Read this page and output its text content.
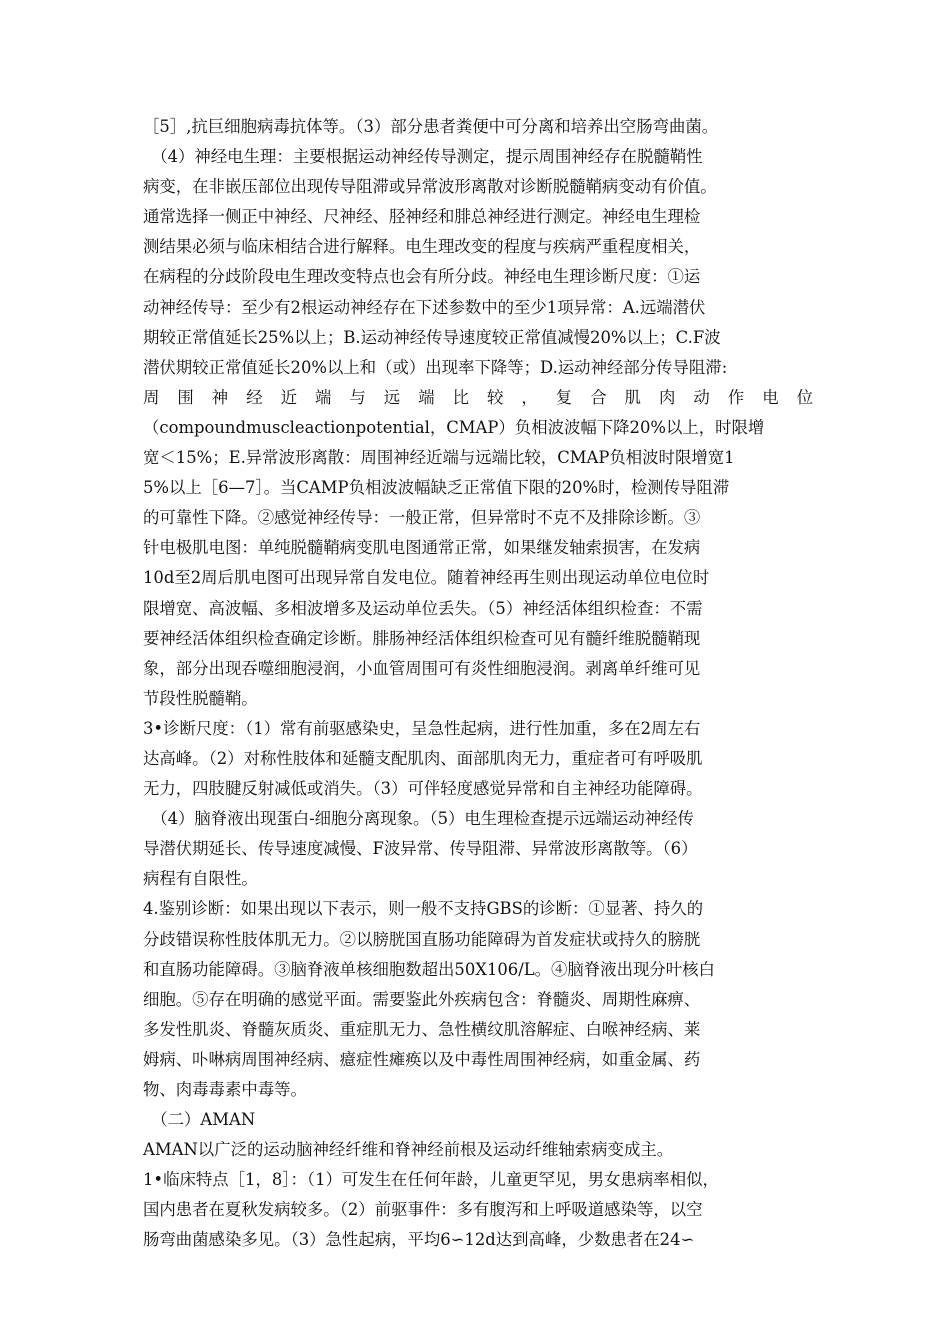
［5］,抗巨细胞病毒抗体等。（3）部分患者粪便中可分离和培养出空肠弯曲菌。
　（4）神经电生理：主要根据运动神经传导测定，提示周围神经存在脱髓鞘性
病变，在非嵌压部位出现传导阻滞或异常波形离散对诊断脱髓鞘病变动有价值。
通常选择一侧正中神经、尺神经、胫神经和腓总神经进行测定。神经电生理检
测结果必须与临床相结合进行解释。电生理改变的程度与疾病严重程度相关，
在病程的分歧阶段电生理改变特点也会有所分歧。神经电生理诊断尺度：①运
动神经传导：至少有2根运动神经存在下述参数中的至少1项异常：A.远端潜伏
期较正常值延长25%以上；B.运动神经传导速度较正常值减慢20%以上；C.F波
潜伏期较正常值延长20%以上和（或）出现率下降等；D.运动神经部分传导阻滞:
周 围 神 经 近 端 与 远 端 比 较 ， 复 合 肌 肉 动 作 电 位
（compoundmuscleactionpotential，CMAP）负相波波幅下降20%以上，时限增
宽＜15%；E.异常波形离散：周围神经近端与远端比较，CMAP负相波时限增宽1
5%以上［6—7］。当CAMP负相波波幅缺乏正常值下限的20%时，检测传导阻滞
的可靠性下降。②感觉神经传导：一般正常，但异常时不克不及排除诊断。③
针电极肌电图：单纯脱髓鞘病变肌电图通常正常，如果继发轴索损害，在发病
10d至2周后肌电图可出现异常自发电位。随着神经再生则出现运动单位电位时
限增宽、高波幅、多相波增多及运动单位丢失。（5）神经活体组织检查：不需
要神经活体组织检查确定诊断。腓肠神经活体组织检查可见有髓纤维脱髓鞘现
象，部分出现吞噬细胞浸润，小血管周围可有炎性细胞浸润。剥离单纤维可见
节段性脱髓鞘。
3•诊断尺度：（1）常有前驱感染史，呈急性起病，进行性加重，多在2周左右
达高峰。（2）对称性肢体和延髓支配肌肉、面部肌肉无力，重症者可有呼吸肌
无力，四肢腱反射减低或消失。（3）可伴轻度感觉异常和自主神经功能障碍。
　（4）脑脊液出现蛋白-细胞分离现象。（5）电生理检查提示远端运动神经传
导潜伏期延长、传导速度减慢、F波异常、传导阻滞、异常波形离散等。（6）
病程有自限性。
4.鉴别诊断：如果出现以下表示，则一般不支持GBS的诊断：①显著、持久的
分歧错误称性肢体肌无力。②以膀胱国直肠功能障碍为首发症状或持久的膀胱
和直肠功能障碍。③脑脊液单核细胞数超出50X106/L。④脑脊液出现分叶核白
细胞。⑤存在明确的感觉平面。需要鉴此外疾病包含：脊髓炎、周期性麻痹、
多发性肌炎、脊髓灰质炎、重症肌无力、急性横纹肌溶解症、白喉神经病、莱
姆病、卟啉病周围神经病、癔症性瘫痪以及中毒性周围神经病，如重金属、药
物、肉毒毒素中毒等。
　（二）AMAN
AMAN以广泛的运动脑神经纤维和脊神经前根及运动纤维轴索病变成主。
1•临床特点［1，8］：（1）可发生在任何年龄，儿童更罕见，男女患病率相似，
国内患者在夏秋发病较多。（2）前驱事件：多有腹泻和上呼吸道感染等，以空
肠弯曲菌感染多见。（3）急性起病，平均6∽12d达到高峰，少数患者在24∽
